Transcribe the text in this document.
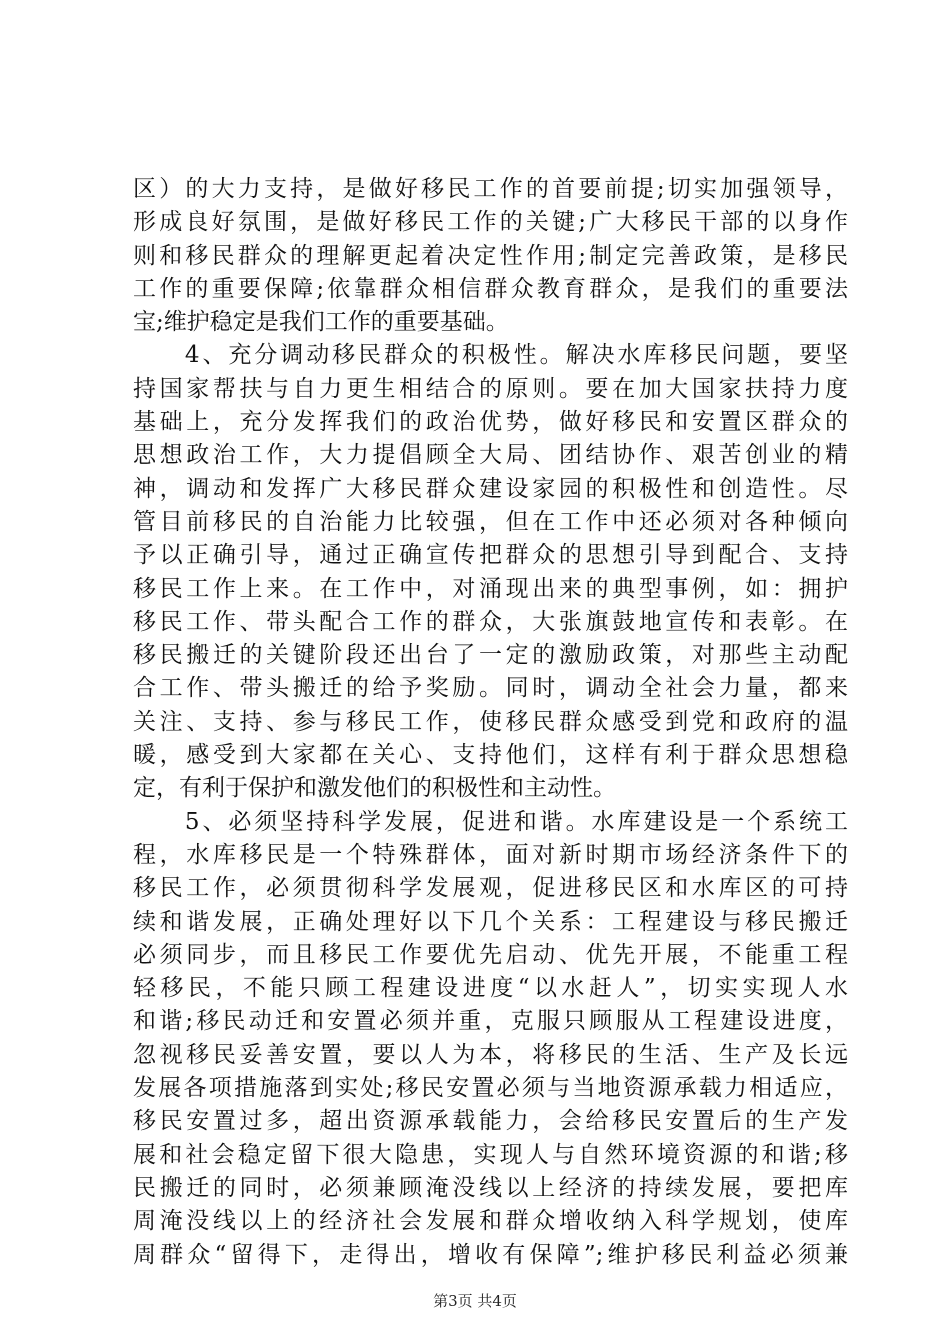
区）的大力支持，是做好移民工作的首要前提;切实加强领导，
形成良好氛围，是做好移民工作的关键;广大移民干部的以身作
则和移民群众的理解更起着决定性作用;制定完善政策，是移民
工作的重要保障;依靠群众相信群众教育群众，是我们的重要法
宝;维护稳定是我们工作的重要基础。
　　4、充分调动移民群众的积极性。解决水库移民问题，要坚
持国家帮扶与自力更生相结合的原则。要在加大国家扶持力度
基础上，充分发挥我们的政治优势，做好移民和安置区群众的
思想政治工作，大力提倡顾全大局、团结协作、艰苦创业的精
神，调动和发挥广大移民群众建设家园的积极性和创造性。尽
管目前移民的自治能力比较强，但在工作中还必须对各种倾向
予以正确引导，通过正确宣传把群众的思想引导到配合、支持
移民工作上来。在工作中，对涌现出来的典型事例，如：拥护
移民工作、带头配合工作的群众，大张旗鼓地宣传和表彰。在
移民搬迁的关键阶段还出台了一定的激励政策，对那些主动配
合工作、带头搬迁的给予奖励。同时，调动全社会力量，都来
关注、支持、参与移民工作，使移民群众感受到党和政府的温
暖，感受到大家都在关心、支持他们，这样有利于群众思想稳
定，有利于保护和激发他们的积极性和主动性。
　　5、必须坚持科学发展，促进和谐。水库建设是一个系统工
程，水库移民是一个特殊群体，面对新时期市场经济条件下的
移民工作，必须贯彻科学发展观，促进移民区和水库区的可持
续和谐发展，正确处理好以下几个关系：工程建设与移民搬迁
必须同步，而且移民工作要优先启动、优先开展，不能重工程
轻移民，不能只顾工程建设进度“以水赶人”，切实实现人水
和谐;移民动迁和安置必须并重，克服只顾服从工程建设进度，
忽视移民妥善安置，要以人为本，将移民的生活、生产及长远
发展各项措施落到实处;移民安置必须与当地资源承载力相适应，
移民安置过多，超出资源承载能力，会给移民安置后的生产发
展和社会稳定留下很大隐患，实现人与自然环境资源的和谐;移
民搬迁的同时，必须兼顾淹没线以上经济的持续发展，要把库
周淹没线以上的经济社会发展和群众增收纳入科学规划，使库
周群众“留得下，走得出，增收有保障”;维护移民利益必须兼
第3页 共4页
